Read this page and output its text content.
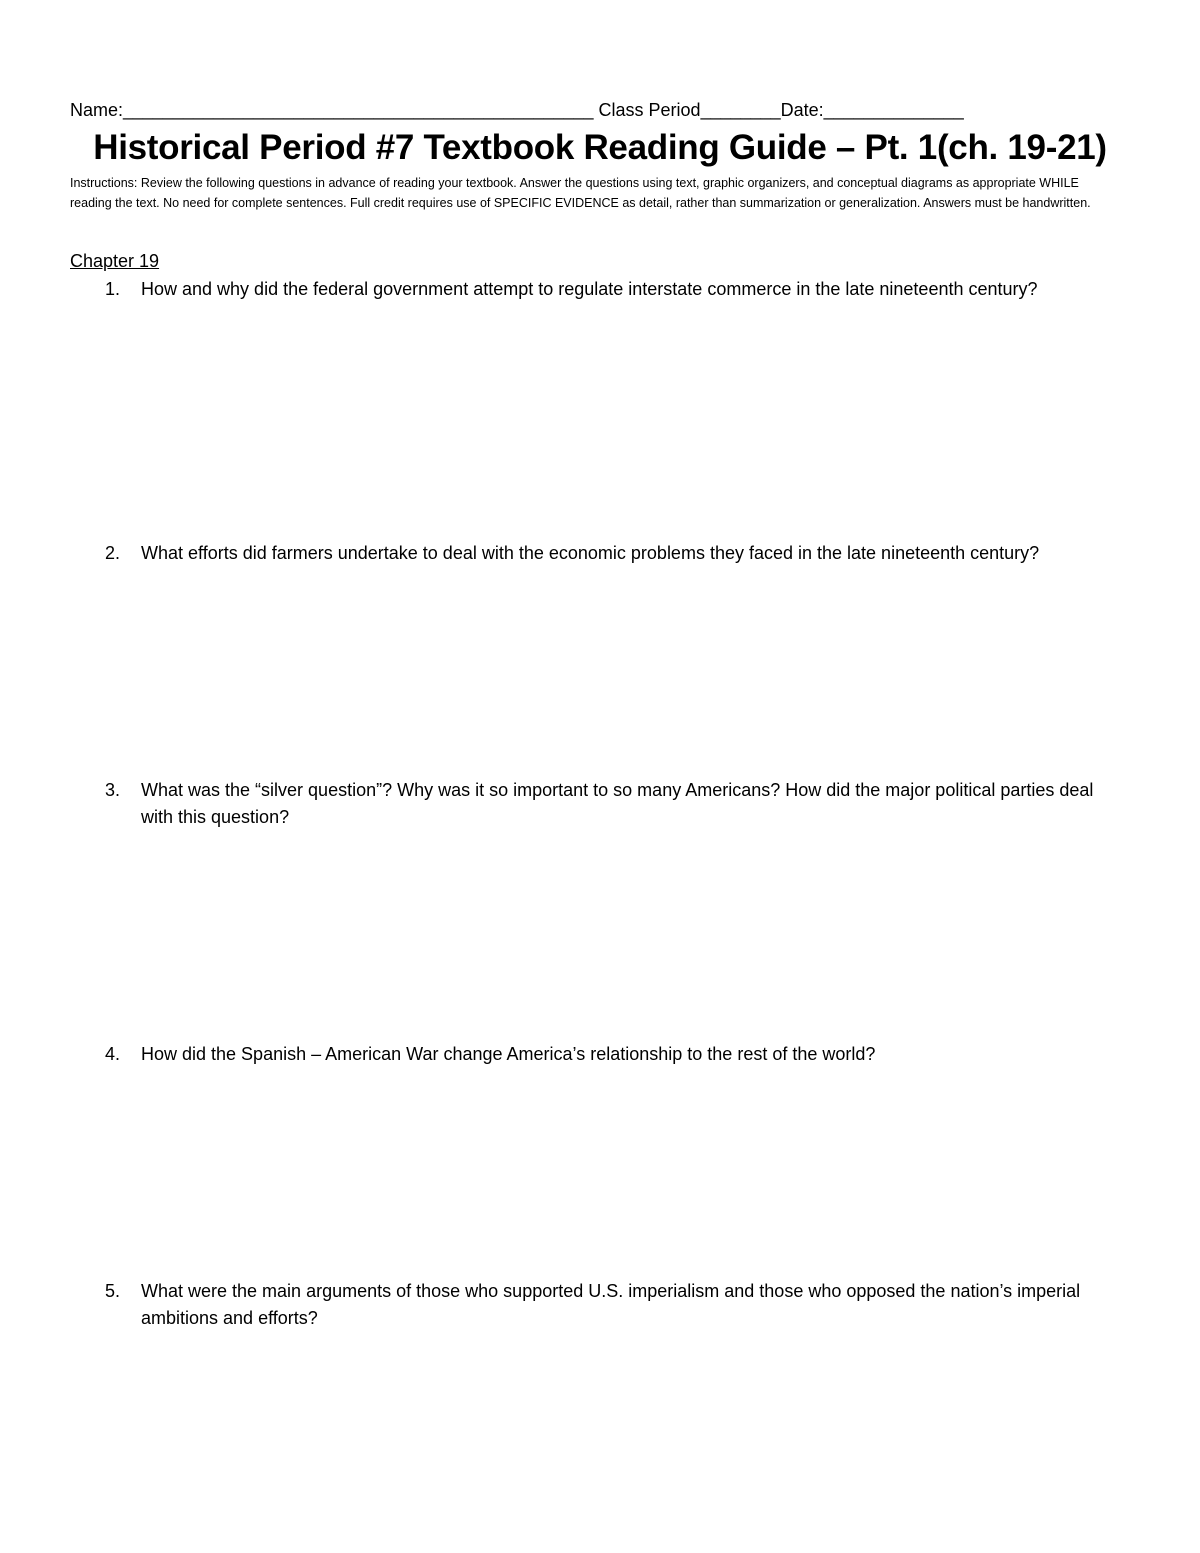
Name:_______________________________________________ Class Period________Date:______________
Historical Period #7 Textbook Reading Guide – Pt. 1(ch. 19-21)
Instructions: Review the following questions in advance of reading your textbook. Answer the questions using text, graphic organizers, and conceptual diagrams as appropriate WHILE reading the text. No need for complete sentences. Full credit requires use of SPECIFIC EVIDENCE as detail, rather than summarization or generalization. Answers must be handwritten.
Chapter 19
1. How and why did the federal government attempt to regulate interstate commerce in the late nineteenth century?
2. What efforts did farmers undertake to deal with the economic problems they faced in the late nineteenth century?
3. What was the “silver question”? Why was it so important to so many Americans? How did the major political parties deal with this question?
4. How did the Spanish – American War change America’s relationship to the rest of the world?
5. What were the main arguments of those who supported U.S. imperialism and those who opposed the nation’s imperial ambitions and efforts?
